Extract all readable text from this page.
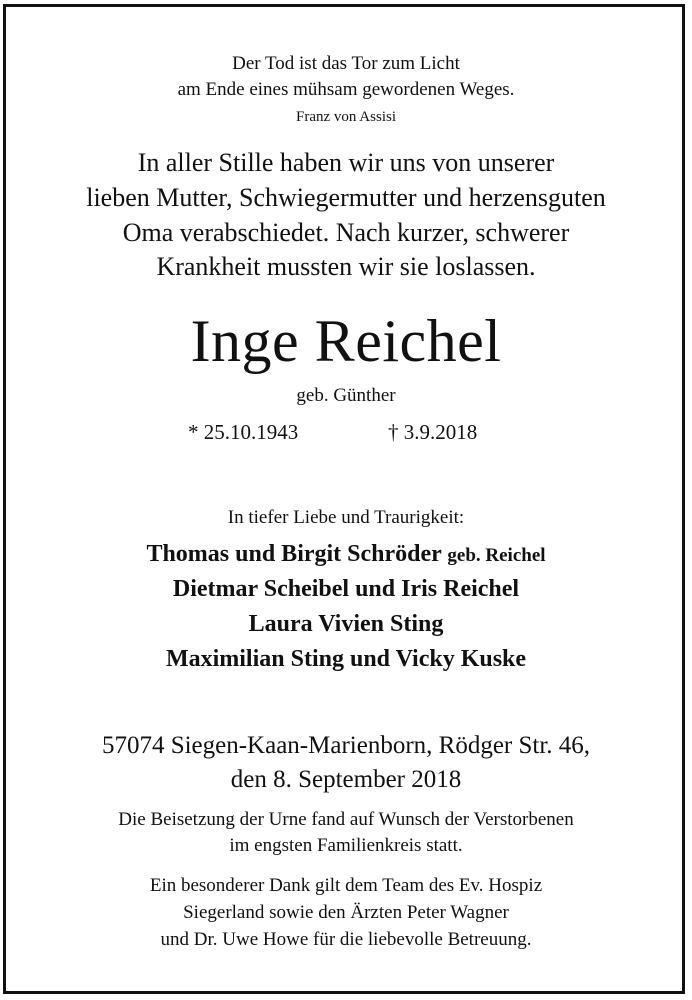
Der Tod ist das Tor zum Licht
am Ende eines mühsam gewordenen Weges.
Franz von Assisi
In aller Stille haben wir uns von unserer
lieben Mutter, Schwiegermutter und herzensguten
Oma verabschiedet. Nach kurzer, schwerer
Krankheit mussten wir sie loslassen.
Inge Reichel
geb. Günther
* 25.10.1943	† 3.9.2018
In tiefer Liebe und Traurigkeit:
Thomas und Birgit Schröder geb. Reichel
Dietmar Scheibel und Iris Reichel
Laura Vivien Sting
Maximilian Sting und Vicky Kuske
57074 Siegen-Kaan-Marienborn, Rödger Str. 46,
den 8. September 2018
Die Beisetzung der Urne fand auf Wunsch der Verstorbenen
im engsten Familienkreis statt.
Ein besonderer Dank gilt dem Team des Ev. Hospiz
Siegerland sowie den Ärzten Peter Wagner
und Dr. Uwe Howe für die liebevolle Betreuung.
